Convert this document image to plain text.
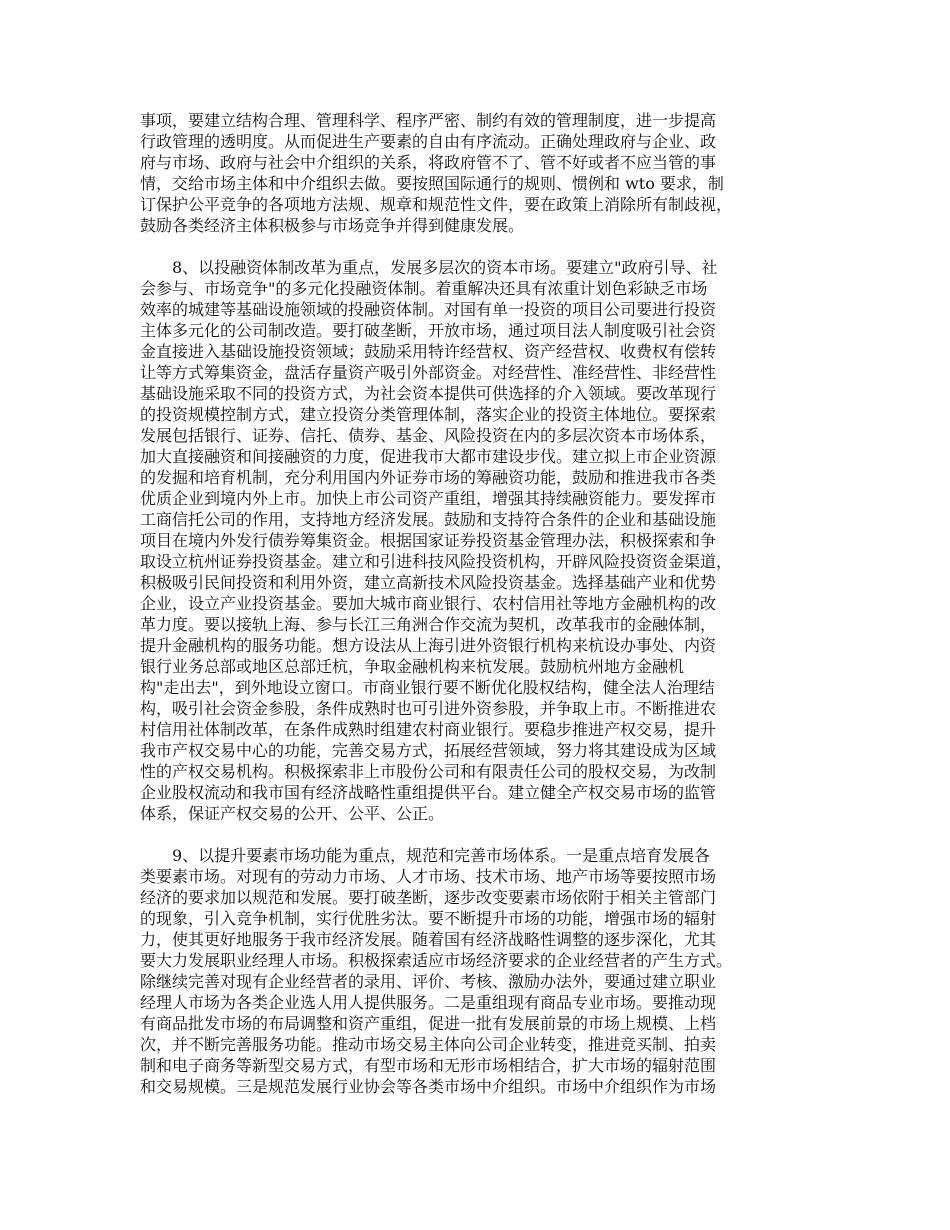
事项，要建立结构合理、管理科学、程序严密、制约有效的管理制度，进一步提高
行政管理的透明度。从而促进生产要素的自由有序流动。正确处理政府与企业、政
府与市场、政府与社会中介组织的关系，将政府管不了、管不好或者不应当管的事
情，交给市场主体和中介组织去做。要按照国际通行的规则、惯例和 wto 要求，制
订保护公平竞争的各项地方法规、规章和规范性文件，要在政策上消除所有制歧视，
鼓励各类经济主体积极参与市场竞争并得到健康发展。
　　8、以投融资体制改革为重点，发展多层次的资本市场。要建立"政府引导、社
会参与、市场竞争"的多元化投融资体制。着重解决还具有浓重计划色彩缺乏市场
效率的城建等基础设施领域的投融资体制。对国有单一投资的项目公司要进行投资
主体多元化的公司制改造。要打破垄断，开放市场，通过项目法人制度吸引社会资
金直接进入基础设施投资领域；鼓励采用特许经营权、资产经营权、收费权有偿转
让等方式筹集资金，盘活存量资产吸引外部资金。对经营性、准经营性、非经营性
基础设施采取不同的投资方式，为社会资本提供可供选择的介入领域。要改革现行
的投资规模控制方式，建立投资分类管理体制，落实企业的投资主体地位。要探索
发展包括银行、证券、信托、债券、基金、风险投资在内的多层次资本市场体系，
加大直接融资和间接融资的力度，促进我市大都市建设步伐。建立拟上市企业资源
的发掘和培育机制，充分利用国内外证券市场的筹融资功能，鼓励和推进我市各类
优质企业到境内外上市。加快上市公司资产重组，增强其持续融资能力。要发挥市
工商信托公司的作用，支持地方经济发展。鼓励和支持符合条件的企业和基础设施
项目在境内外发行债券筹集资金。根据国家证券投资基金管理办法，积极探索和争
取设立杭州证券投资基金。建立和引进科技风险投资机构，开辟风险投资资金渠道，
积极吸引民间投资和利用外资，建立高新技术风险投资基金。选择基础产业和优势
企业，设立产业投资基金。要加大城市商业银行、农村信用社等地方金融机构的改
革力度。要以接轨上海、参与长江三角洲合作交流为契机，改革我市的金融体制，
提升金融机构的服务功能。想方设法从上海引进外资银行机构来杭设办事处、内资
银行业务总部或地区总部迁杭，争取金融机构来杭发展。鼓励杭州地方金融机
构"走出去"，到外地设立窗口。市商业银行要不断优化股权结构，健全法人治理结
构，吸引社会资金参股，条件成熟时也可引进外资参股，并争取上市。不断推进农
村信用社体制改革，在条件成熟时组建农村商业银行。要稳步推进产权交易，提升
我市产权交易中心的功能，完善交易方式，拓展经营领域，努力将其建设成为区域
性的产权交易机构。积极探索非上市股份公司和有限责任公司的股权交易，为改制
企业股权流动和我市国有经济战略性重组提供平台。建立健全产权交易市场的监管
体系，保证产权交易的公开、公平、公正。
　　9、以提升要素市场功能为重点，规范和完善市场体系。一是重点培育发展各
类要素市场。对现有的劳动力市场、人才市场、技术市场、地产市场等要按照市场
经济的要求加以规范和发展。要打破垄断，逐步改变要素市场依附于相关主管部门
的现象，引入竞争机制，实行优胜劣汰。要不断提升市场的功能，增强市场的辐射
力，使其更好地服务于我市经济发展。随着国有经济战略性调整的逐步深化，尤其
要大力发展职业经理人市场。积极探索适应市场经济要求的企业经营者的产生方式。
除继续完善对现有企业经营者的录用、评价、考核、激励办法外，要通过建立职业
经理人市场为各类企业选人用人提供服务。二是重组现有商品专业市场。要推动现
有商品批发市场的布局调整和资产重组，促进一批有发展前景的市场上规模、上档
次，并不断完善服务功能。推动市场交易主体向公司企业转变，推进竞买制、拍卖
制和电子商务等新型交易方式，有型市场和无形市场相结合，扩大市场的辐射范围
和交易规模。三是规范发展行业协会等各类市场中介组织。市场中介组织作为市场
